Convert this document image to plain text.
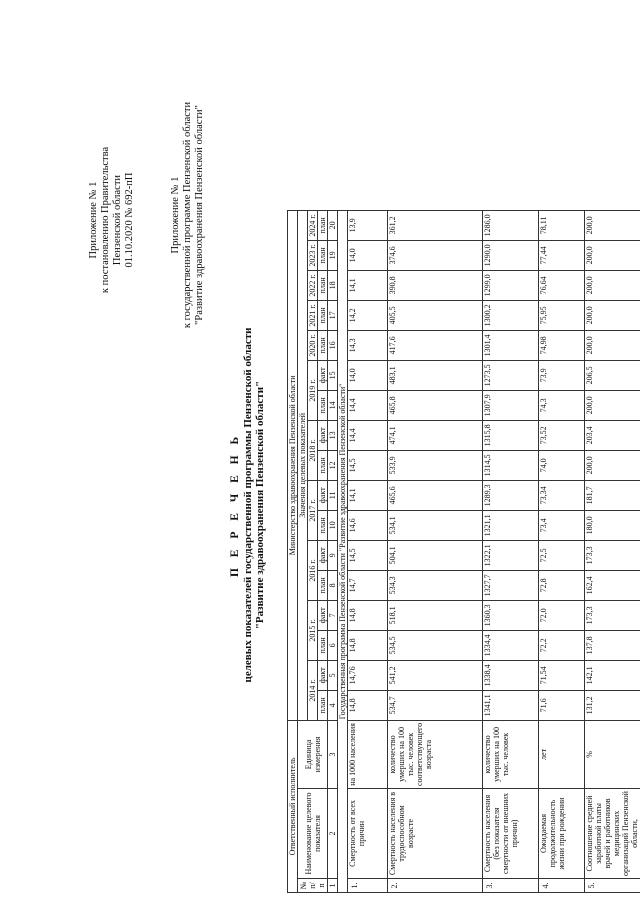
Приложение № 1 к постановлению Правительства Пензенской области 01.10.2020 № 692-пП	Приложение № 1 к государственной программе Пензенской области "Развитие здравоохранения Пензенской области"
П Е Р Е Ч Е Н Ь целевых показателей государственной программы Пензенской области "Развитие здравоохранения Пензенской области"
Ответственный исполнитель			Министерство здравоохранения Пензенской области																
№ п/п	Наименование целевого показателя	Единица измерения	Значения целевых показателей																
			2014 г.		2015 г.		2016 г.		2017 г.		2018 г.		2019 г.		2020 г.	2021 г.	2022 г.	2023 г.	2024 г.
			план	факт	план	факт	план	факт	план	факт	план	факт	план	факт	план	план	план	план	план
1	2	3	4	5	6	7	8	9	10	11	12	13	14	15	16	17	18	19	20
Государственная программа Пензенской области "Развитие здравоохранения Пензенской области"																			
1.	Смертность от всех причин	на 1000 населения	14,8	14,76	14,8	14,8	14,7	14,5	14,6	14,1	14,5	14,4	14,4	14,0	14,3	14,2	14,1	14,0	13,9
2.	Смертность населения в трудоспособном возрасте	количество умерших на 100 тыс. человек соответствующего возраста	534,7	541,2	534,5	518,1	534,3	504,1	534,1	465,6	533,9	474,1	465,8	483,1	417,6	405,5	390,8	374,6	361,2
3.	Смертность населения (без показателя смертности от внешних причин)	количество умерших на 100 тыс. человек	1341,1	1338,4	1334,4	1360,3	1327,7	1322,1	1321,1	1289,3	1314,5	1315,8	1307,9	1273,5	1301,4	1300,2	1299,0	1290,0	1286,0
4.	Ожидаемая продолжительность жизни при рождении	лет	71,6	71,54	72,2	72,0	72,8	72,5	73,4	73,34	74,0	73,52	74,3	73,9	74,98	75,95	76,64	77,44	78,11
5.	Соотношение средней заработной платы врачей и работников медицинских организаций Пензенской области,	%	131,2	142,1	137,8	173,3	162,4	173,3	180,0	181,7	200,0	203,4	200,0	206,5	200,0	200,0	200,0	200,0	200,0
